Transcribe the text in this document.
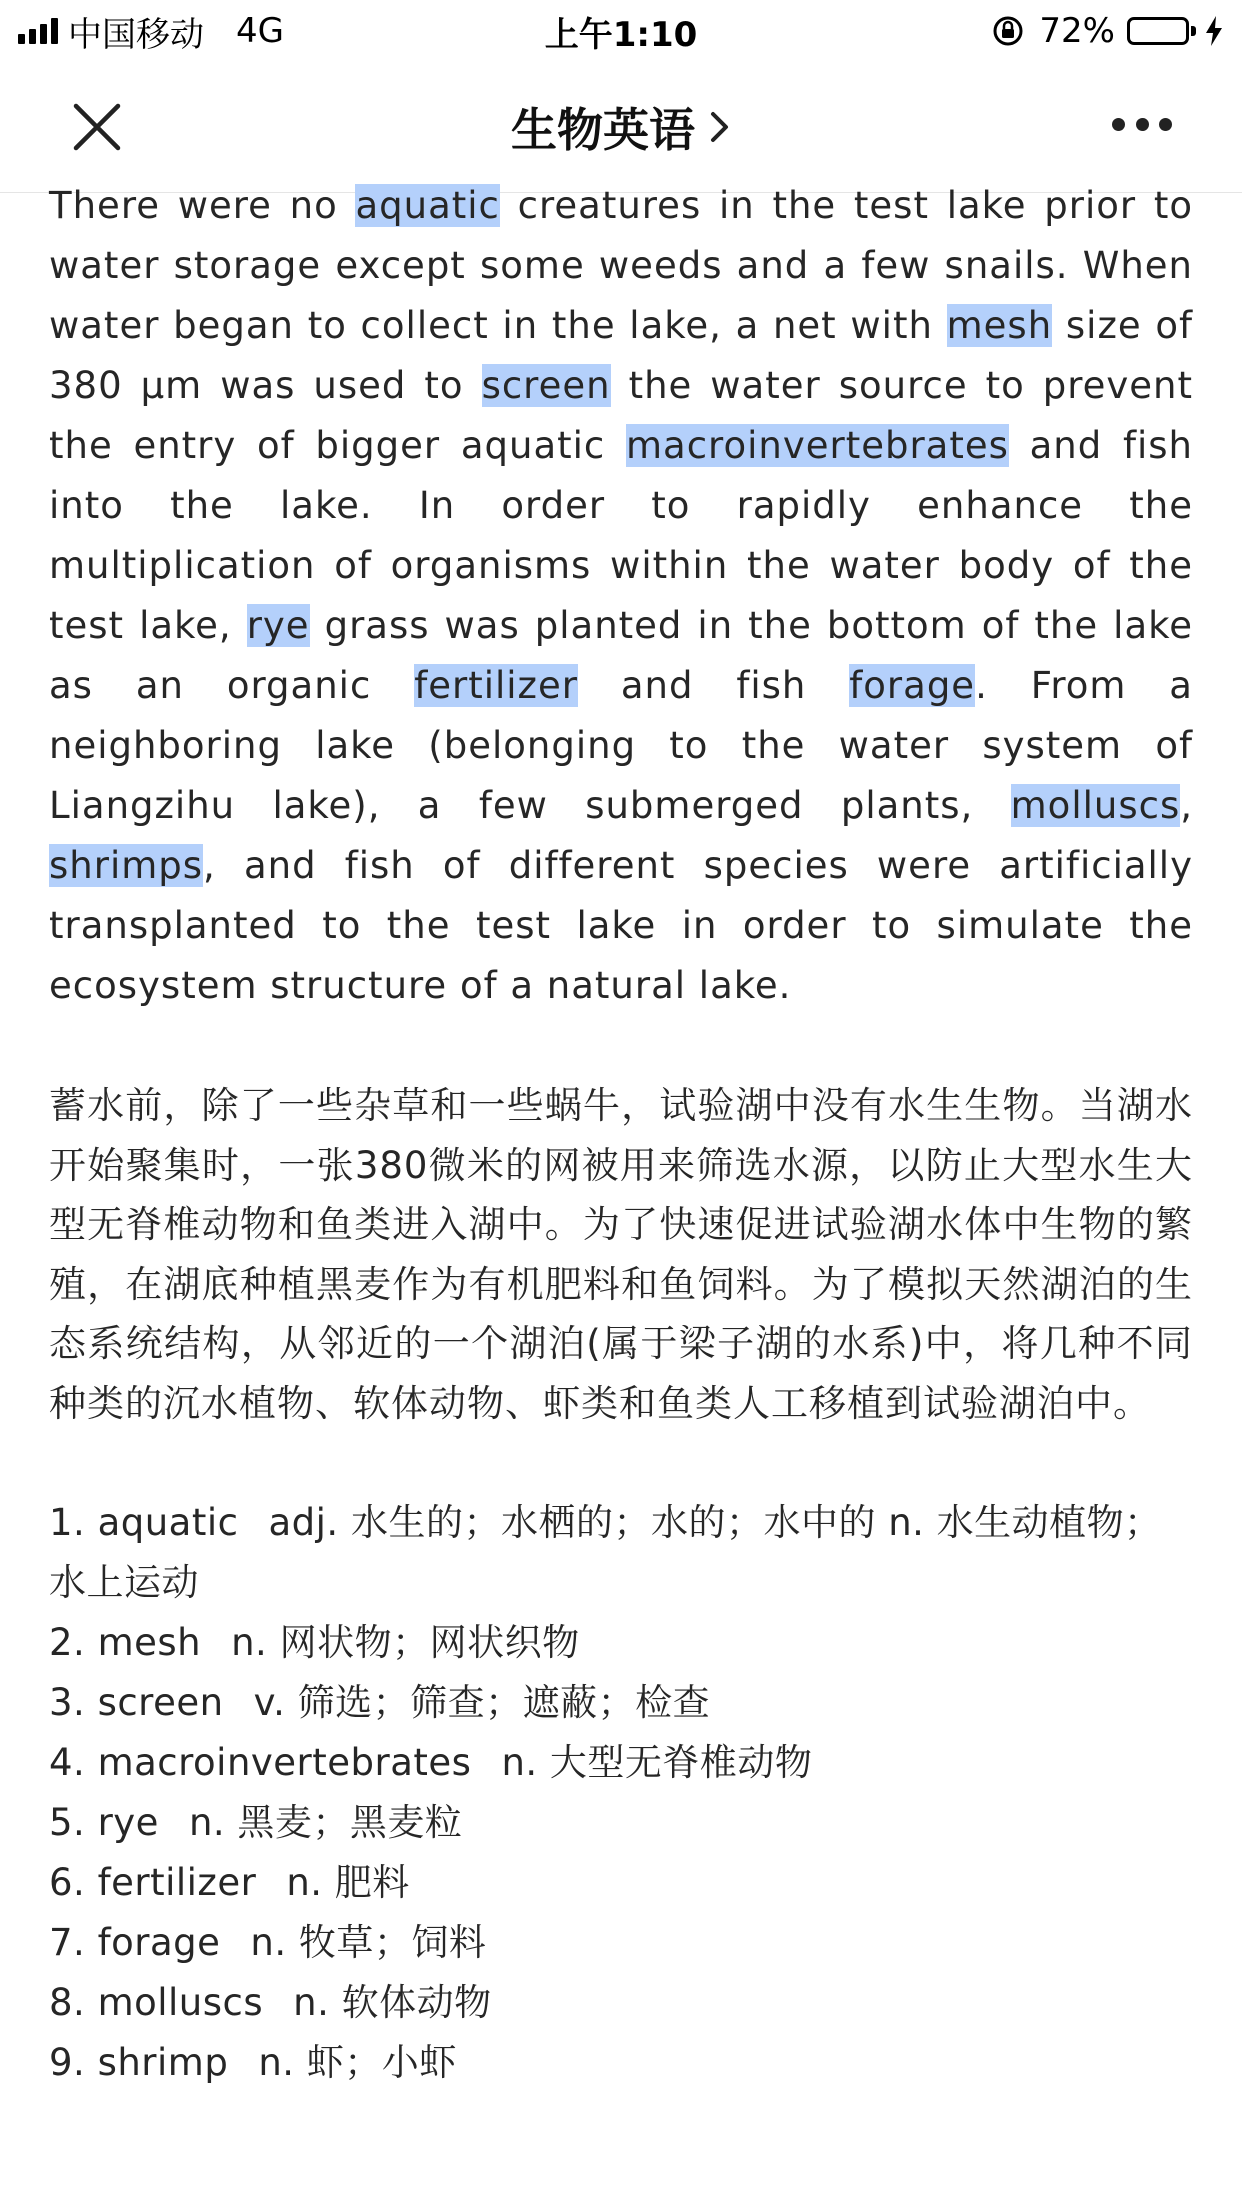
中国移动 4G	上午1:10	72%
生物英语

There were no aquatic creatures in the test lake prior to water storage except some weeds and a few snails. When water began to collect in the lake, a net with mesh size of 380 μm was used to screen the water source to prevent the entry of bigger aquatic macroinvertebrates and fish into the lake. In order to rapidly enhance the multiplication of organisms within the water body of the test lake, rye grass was planted in the bottom of the lake as an organic fertilizer and fish forage. From a neighboring lake (belonging to the water system of Liangzihu lake), a few submerged plants, molluscs, shrimps, and fish of different species were artificially transplanted to the test lake in order to simulate the ecosystem structure of a natural lake.

蓄水前，除了一些杂草和一些蜗牛，试验湖中没有水生生物。当湖水开始聚集时，一张380微米的网被用来筛选水源，以防止大型水生大型无脊椎动物和鱼类进入湖中。为了快速促进试验湖水体中生物的繁殖，在湖底种植黑麦作为有机肥料和鱼饲料。为了模拟天然湖泊的生态系统结构，从邻近的一个湖泊(属于梁子湖的水系)中，将几种不同种类的沉水植物、软体动物、虾类和鱼类人工移植到试验湖泊中。

1. aquatic adj. 水生的；水栖的；水的；水中的 n. 水生动植物；水上运动
2. mesh n. 网状物；网状织物
3. screen v. 筛选；筛查；遮蔽；检查
4. macroinvertebrates n. 大型无脊椎动物
5. rye n. 黑麦；黑麦粒
6. fertilizer n. 肥料
7. forage n. 牧草；饲料
8. molluscs n. 软体动物
9. shrimp n. 虾；小虾
